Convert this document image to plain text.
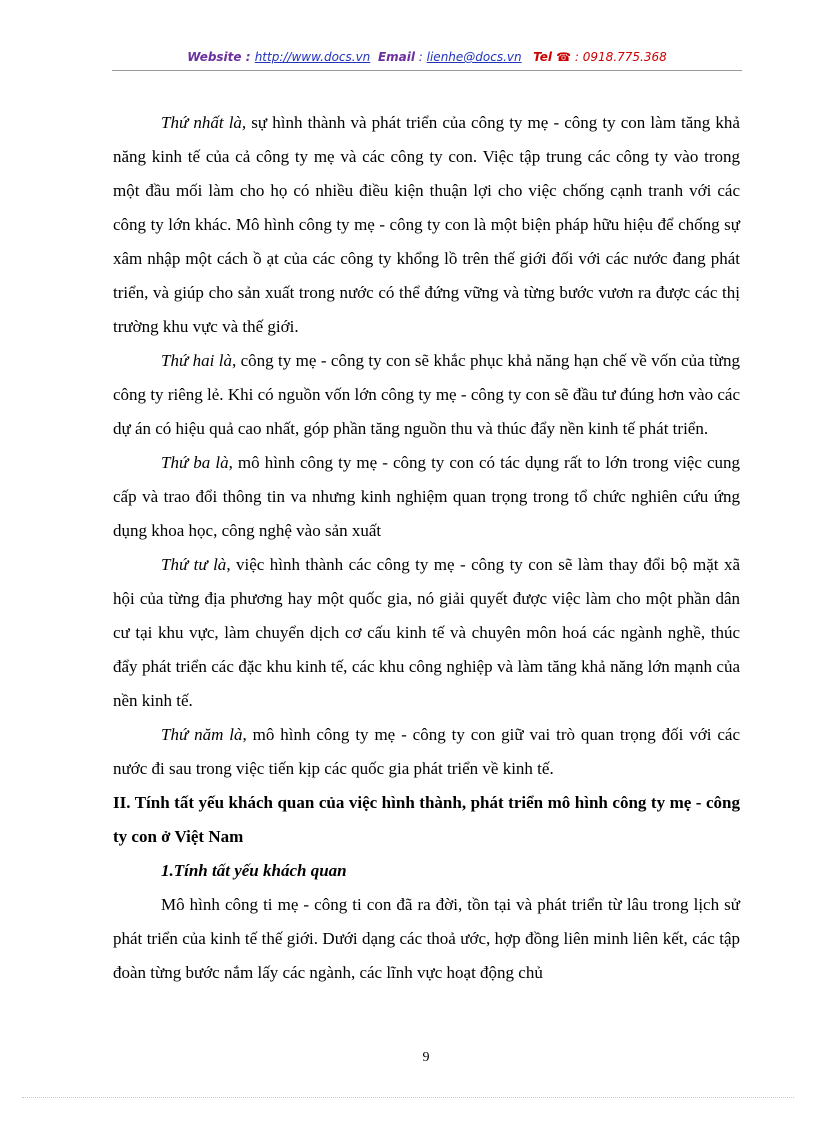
Website : http://www.docs.vn Email : lienhe@docs.vn Tel ☎ : 0918.775.368

Thứ nhất là, sự hình thành và phát triển của công ty mẹ - công ty con làm tăng khả năng kinh tế của cả công ty mẹ và các công ty con. Việc tập trung các công ty vào trong một đầu mối làm cho họ có nhiều điều kiện thuận lợi cho việc chống cạnh tranh với các công ty lớn khác. Mô hình công ty mẹ - công ty con là một biện pháp hữu hiệu để chống sự xâm nhập một cách ồ ạt của các công ty khổng lồ trên thế giới đối với các nước đang phát triển, và giúp cho sản xuất trong nước có thể đứng vững và từng bước vươn ra được các thị trường khu vực và thế giới.

Thứ hai là, công ty mẹ - công ty con sẽ khắc phục khả năng hạn chế về vốn của từng công ty riêng lẻ. Khi có nguồn vốn lớn công ty mẹ - công ty con sẽ đầu tư đúng hơn vào các dự án có hiệu quả cao nhất, góp phần tăng nguồn thu và thúc đẩy nền kinh tế phát triển.

Thứ ba là, mô hình công ty mẹ - công ty con có tác dụng rất to lớn trong việc cung cấp và trao đổi thông tin va nhưng kinh nghiệm quan trọng trong tổ chức nghiên cứu ứng dụng khoa học, công nghệ vào sản xuất

Thứ tư là, việc hình thành các công ty mẹ - công ty con sẽ làm thay đổi bộ mặt xã hội của từng địa phương hay một quốc gia, nó giải quyết được việc làm cho một phần dân cư tại khu vực, làm chuyển dịch cơ cấu kinh tế và chuyên môn hoá các ngành nghề, thúc đẩy phát triển các đặc khu kinh tế, các khu công nghiệp và làm tăng khả năng lớn mạnh của nền kinh tế.

Thứ năm là, mô hình công ty mẹ - công ty con giữ vai trò quan trọng đối với các nước đi sau trong việc tiến kịp các quốc gia phát triển về kinh tế.

II. Tính tất yếu khách quan của việc hình thành, phát triển mô hình công ty mẹ - công ty con ở Việt Nam
1.Tính tất yếu khách quan

Mô hình công ti mẹ - công ti con đã ra đời, tồn tại và phát triển từ lâu trong lịch sử phát triển của kinh tế thế giới. Dưới dạng các thoả ước, hợp đồng liên minh liên kết, các tập đoàn từng bước nắm lấy các ngành, các lĩnh vực hoạt động chủ

9
